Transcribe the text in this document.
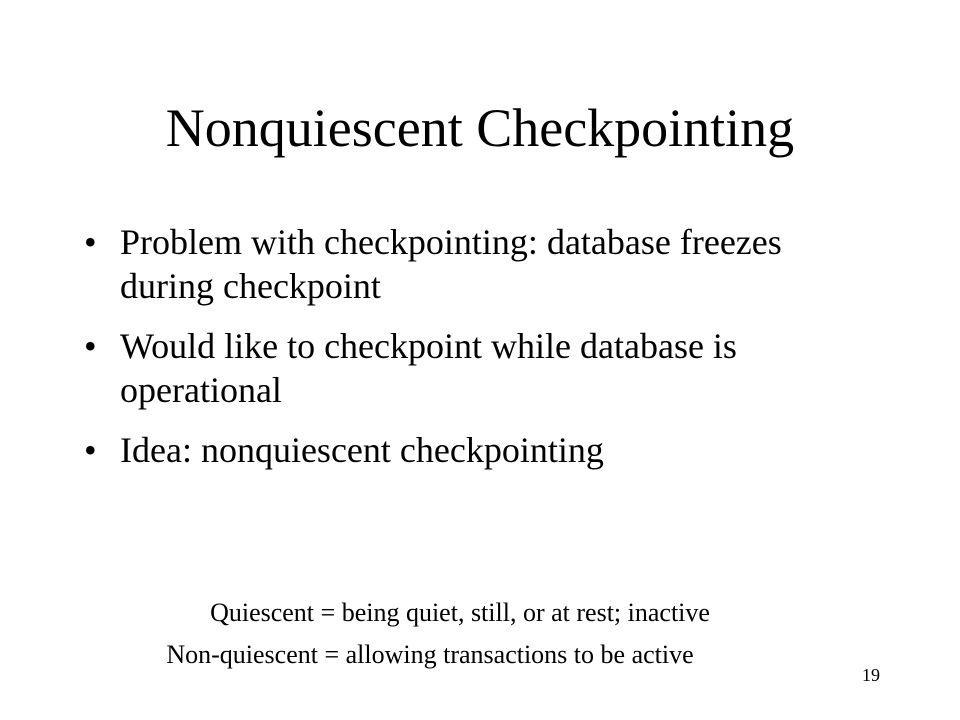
Nonquiescent Checkpointing
• Problem with checkpointing: database freezes during checkpoint
• Would like to checkpoint while database is operational
• Idea: nonquiescent checkpointing
Quiescent = being quiet, still, or at rest; inactive
Non-quiescent = allowing transactions to be active
19
